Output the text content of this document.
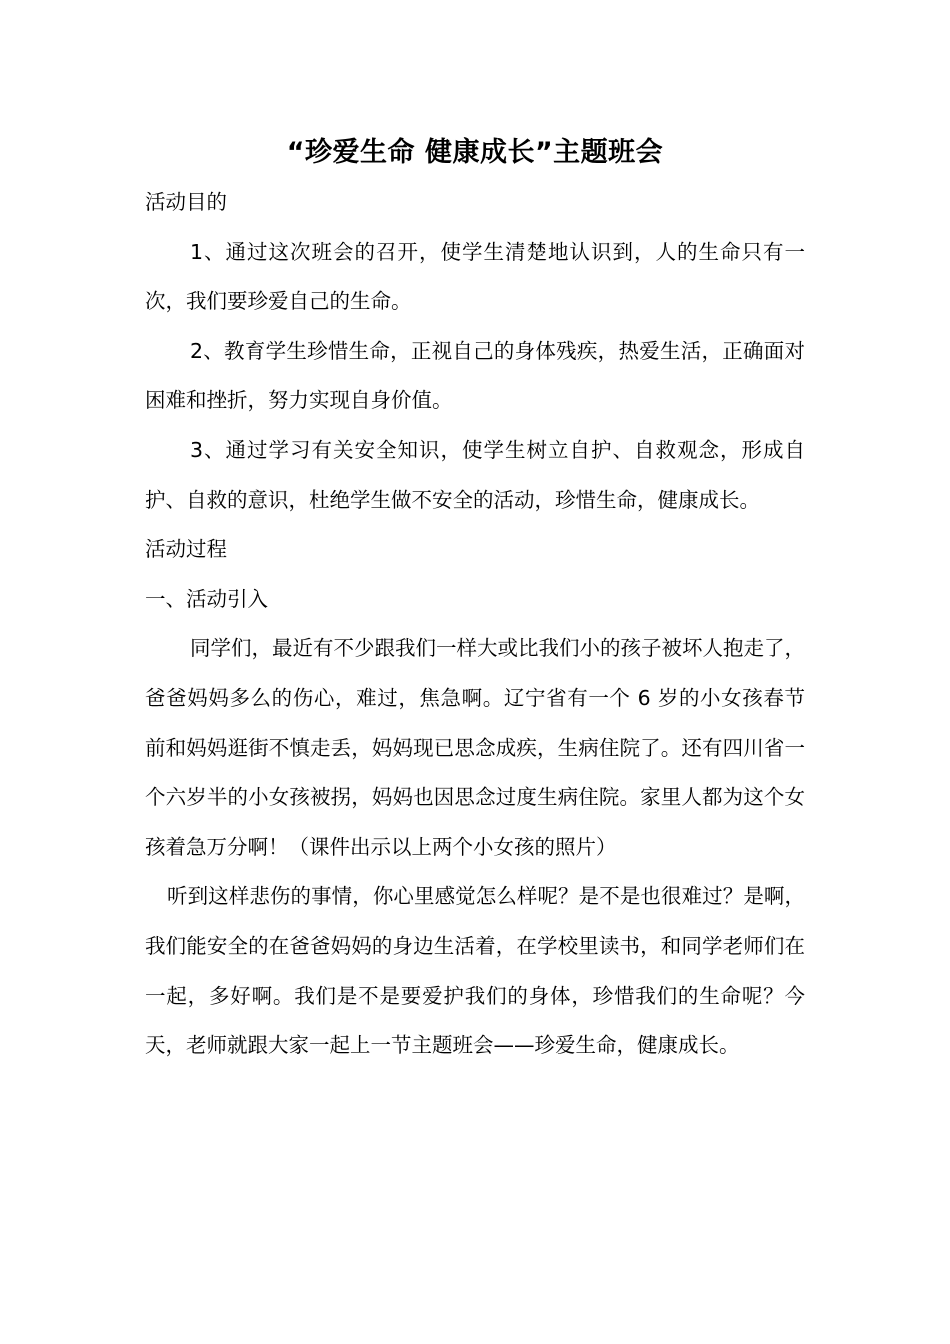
“珍爱生命 健康成长”主题班会

活动目的

1、通过这次班会的召开，使学生清楚地认识到，人的生命只有一次，我们要珍爱自己的生命。

2、教育学生珍惜生命，正视自己的身体残疾，热爱生活，正确面对困难和挫折，努力实现自身价值。

3、通过学习有关安全知识，使学生树立自护、自救观念，形成自护、自救的意识，杜绝学生做不安全的活动，珍惜生命，健康成长。

活动过程

一、活动引入

同学们，最近有不少跟我们一样大或比我们小的孩子被坏人抱走了，爸爸妈妈多么的伤心，难过，焦急啊。辽宁省有一个 6 岁的小女孩春节前和妈妈逛街不慎走丢，妈妈现已思念成疾，生病住院了。还有四川省一个六岁半的小女孩被拐，妈妈也因思念过度生病住院。家里人都为这个女孩着急万分啊！（课件出示以上两个小女孩的照片）

听到这样悲伤的事情，你心里感觉怎么样呢？是不是也很难过？是啊，我们能安全的在爸爸妈妈的身边生活着，在学校里读书，和同学老师们在一起，多好啊。我们是不是要爱护我们的身体，珍惜我们的生命呢？今天，老师就跟大家一起上一节主题班会——珍爱生命，健康成长。
